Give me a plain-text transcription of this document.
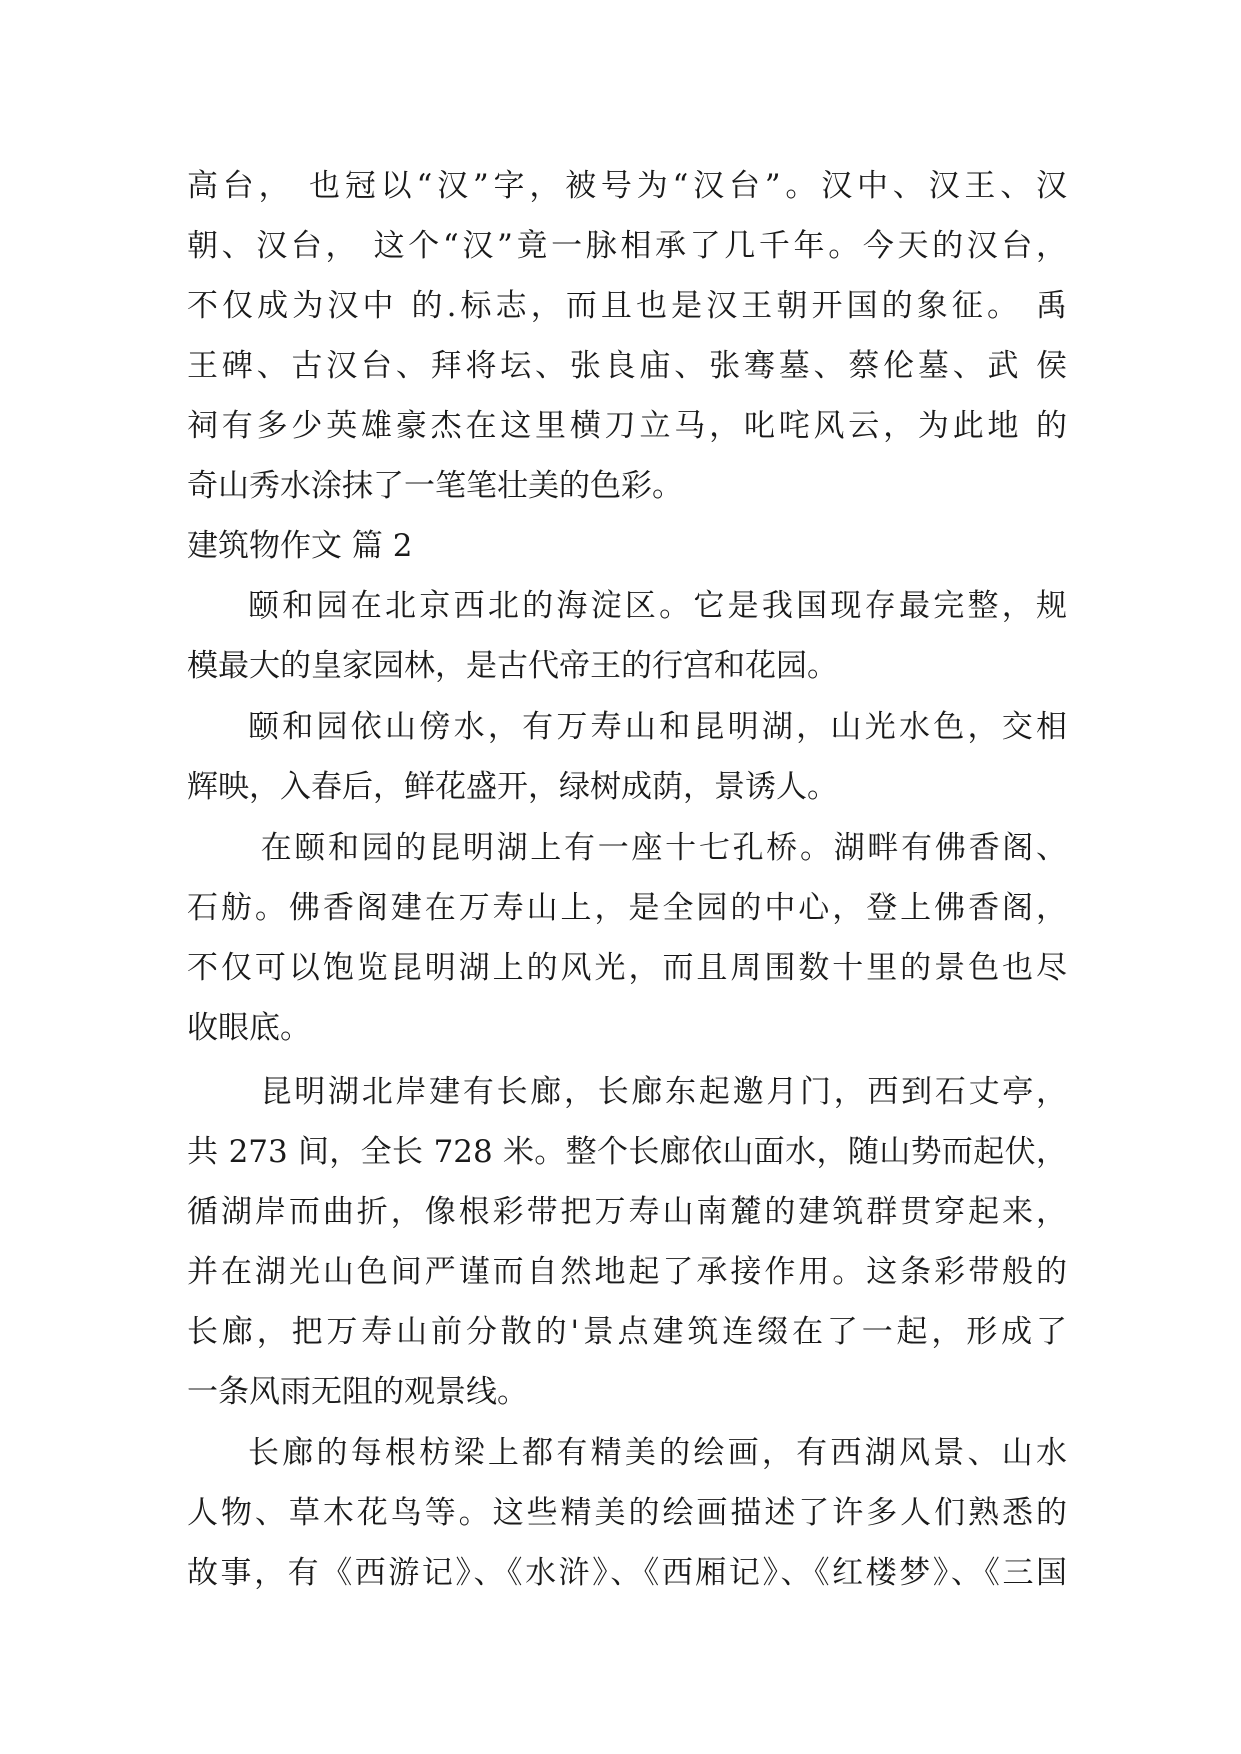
高台， 也冠以“汉”字，被号为“汉台”。汉中、汉王、汉

朝、汉台， 这个“汉”竟一脉相承了几千年。今天的汉台，

不仅成为汉中 的.标志，而且也是汉王朝开国的象征。 禹

王碑、古汉台、拜将坛、张良庙、张骞墓、蔡伦墓、武 侯

祠有多少英雄豪杰在这里横刀立马，叱咤风云，为此地 的

奇山秀水涂抹了一笔笔壮美的色彩。

建筑物作文 篇 2

颐和园在北京西北的海淀区。它是我国现存最完整，规

模最大的皇家园林，是古代帝王的行宫和花园。

颐和园依山傍水，有万寿山和昆明湖，山光水色，交相

辉映，入春后，鲜花盛开，绿树成荫，景诱人。

在颐和园的昆明湖上有一座十七孔桥。湖畔有佛香阁、

石舫。佛香阁建在万寿山上，是全园的中心，登上佛香阁，

不仅可以饱览昆明湖上的风光，而且周围数十里的景色也尽

收眼底。

昆明湖北岸建有长廊，长廊东起邀月门，西到石丈亭，

共 273 间，全长 728 米。整个长廊依山面水，随山势而起伏，

循湖岸而曲折，像根彩带把万寿山南麓的建筑群贯穿起来，

并在湖光山色间严谨而自然地起了承接作用。这条彩带般的

长廊，把万寿山前分散的'景点建筑连缀在了一起，形成了

一条风雨无阻的观景线。

长廊的每根枋梁上都有精美的绘画，有西湖风景、山水

人物、草木花鸟等。这些精美的绘画描述了许多人们熟悉的

故事，有《西游记》、《水浒》、《西厢记》、《红楼梦》、《三国
